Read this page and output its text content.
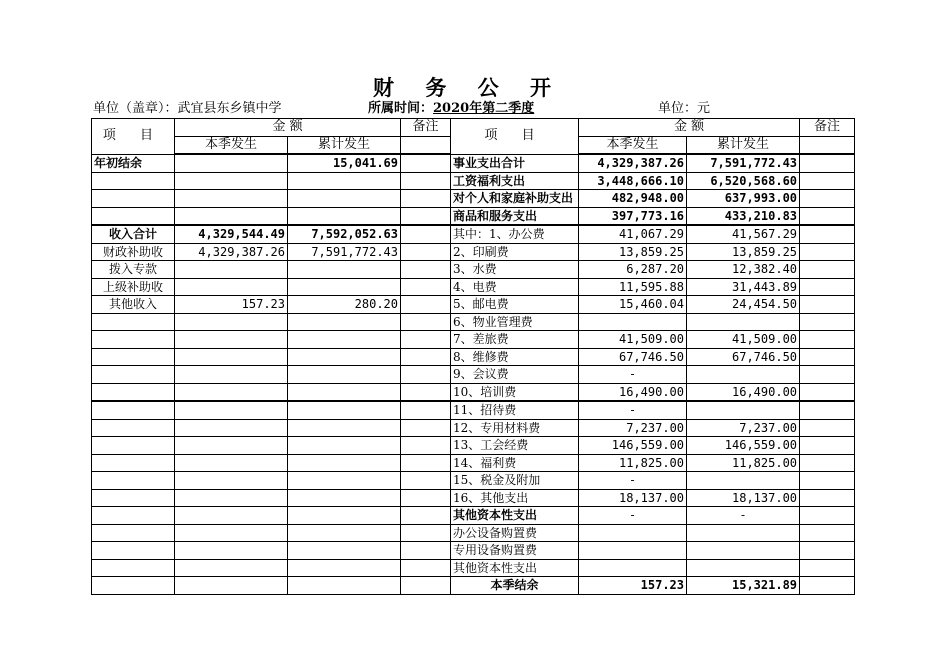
财 务 公 开
单位（盖章）：武宜县东乡镇中学	所属时间：2020年第二季度	单位：元
项 目	金 额		备注	项 目	金 额		备注
	本季发生	累计发生			本季发生	累计发生	
年初结余		15,041.69		事业支出合计	4,329,387.26	7,591,772.43	
				工资福利支出	3,448,666.10	6,520,568.60	
				对个人和家庭补助支出	482,948.00	637,993.00	
				商品和服务支出	397,773.16	433,210.83	
收入合计	4,329,544.49	7,592,052.63		其中：1、办公费	41,067.29	41,567.29	
财政补助收	4,329,387.26	7,591,772.43		2、印刷费	13,859.25	13,859.25	
拨入专款				3、水费	6,287.20	12,382.40	
上级补助收				4、电费	11,595.88	31,443.89	
其他收入	157.23	280.20		5、邮电费	15,460.04	24,454.50	
				6、物业管理费			
				7、差旅费	41,509.00	41,509.00	
				8、维修费	67,746.50	67,746.50	
				9、会议费	-		
				10、培训费	16,490.00	16,490.00	
				11、招待费	-		
				12、专用材料费	7,237.00	7,237.00	
				13、工会经费	146,559.00	146,559.00	
				14、福利费	11,825.00	11,825.00	
				15、税金及附加	-		
				16、其他支出	18,137.00	18,137.00	
				其他资本性支出	-	-	
				办公设备购置费			
				专用设备购置费			
				其他资本性支出			
				本季结余	157.23	15,321.89	
